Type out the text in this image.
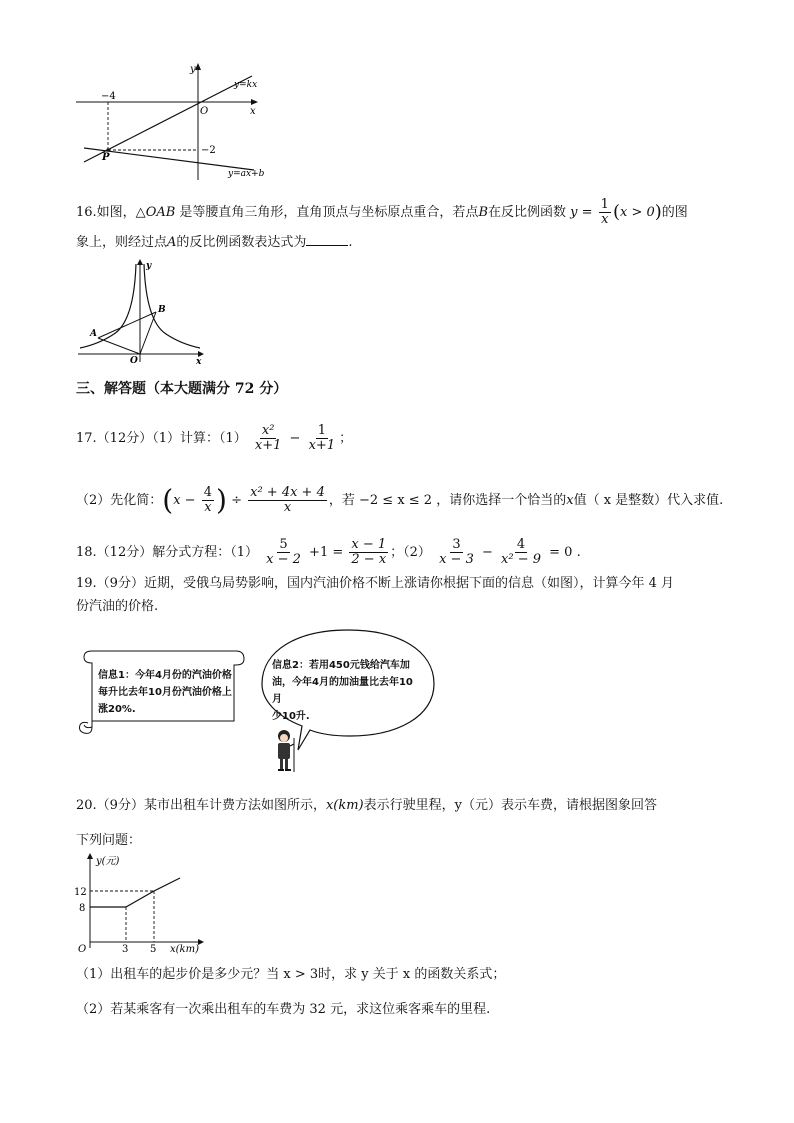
y
x
O
y=kx
y=ax+b
−4
−2
P
16.如图，△OAB 是等腰直角三角形，直角顶点与坐标原点重合，若点B在反比例函数 $y = \frac{1}{x} (x > 0)$的图
象上，则经过点A的反比例函数表达式为	.
y
x
O
A
B
三、解答题（本大题满分 72 分）
17.（12分）（1）计算：$(1) \frac{\text{x²}}{x+1} - \frac{1}{x+1}$ ；
（2）先化简：($x - \frac{4}{x}$ ) ÷ $\frac{\text{x² + 4x + 4}}{x}$ ，若 −2 ≤ x ≤ 2 ，请你选择一个恰当的x值（ x 是整数）代入求值.
18.（12分）解分式方程：$(1) \frac{5}{x - 2} +1 = \frac{x - 1}{2 - x}$ ；$(2) \frac{3}{x - 3} - \frac{4}{\text{x² − 9}} = 0$ .
19.（9分）近期，受俄乌局势影响，国内汽油价格不断上涨请你根据下面的信息（如图），计算今年 4 月
份汽油的价格.
信息1：今年4月份的汽油价格
每升比去年10月份汽油价格上
涨20%.
信息2：若用450元钱给汽车加
油，今年4月的加油量比去年10月
少10升.
20.（9分）某市出租车计费方法如图所示，x(km)表示行驶里程，y（元）表示车费，请根据图象回答
下列问题：
y(元)
x(km)
O
12
8
3 5
（1）出租车的起步价是多少元？当 x > 3时，求 y 关于 x 的函数关系式；
（2）若某乘客有一次乘出租车的车费为 32 元，求这位乘客乘车的里程.
